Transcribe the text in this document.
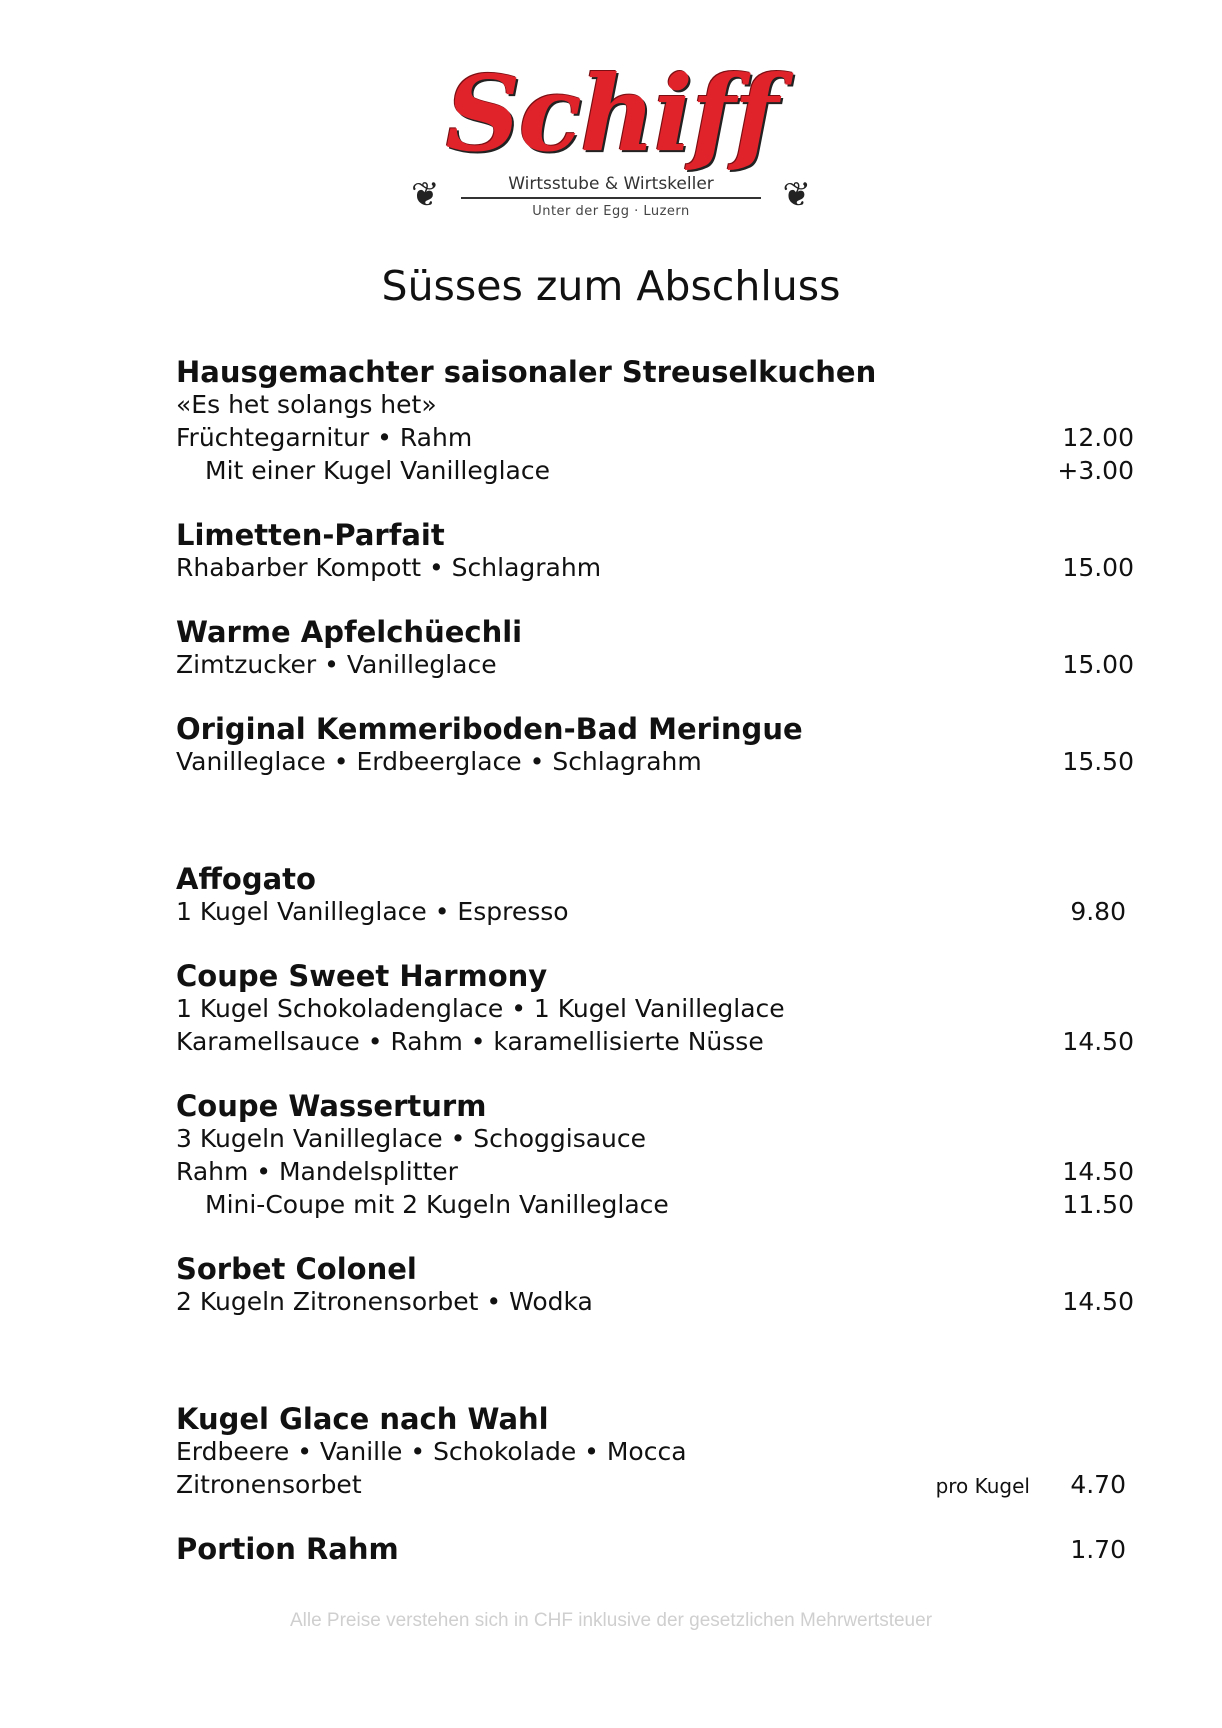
Schiff
❦	Wirtsstube & Wirtskeller
Unter der Egg · Luzern	❦
Süsses zum Abschluss
Hausgemachter saisonaler Streuselkuchen
«Es het solangs het»
Früchtegarnitur • Rahm	12.00
Mit einer Kugel Vanilleglace	+3.00
Limetten-Parfait
Rhabarber Kompott • Schlagrahm	15.00
Warme Apfelchüechli
Zimtzucker • Vanilleglace	15.00
Original Kemmeriboden-Bad Meringue
Vanilleglace • Erdbeerglace • Schlagrahm	15.50
Affogato
1 Kugel Vanilleglace • Espresso	9.80
Coupe Sweet Harmony
1 Kugel Schokoladenglace • 1 Kugel Vanilleglace
Karamellsauce • Rahm • karamellisierte Nüsse	14.50
Coupe Wasserturm
3 Kugeln Vanilleglace • Schoggisauce
Rahm • Mandelsplitter	14.50
Mini-Coupe mit 2 Kugeln Vanilleglace	11.50
Sorbet Colonel
2 Kugeln Zitronensorbet • Wodka	14.50
Kugel Glace nach Wahl
Erdbeere • Vanille • Schokolade • Mocca
Zitronensorbet	pro Kugel 4.70
Portion Rahm	1.70
Alle Preise verstehen sich in CHF inklusive der gesetzlichen Mehrwertsteuer
